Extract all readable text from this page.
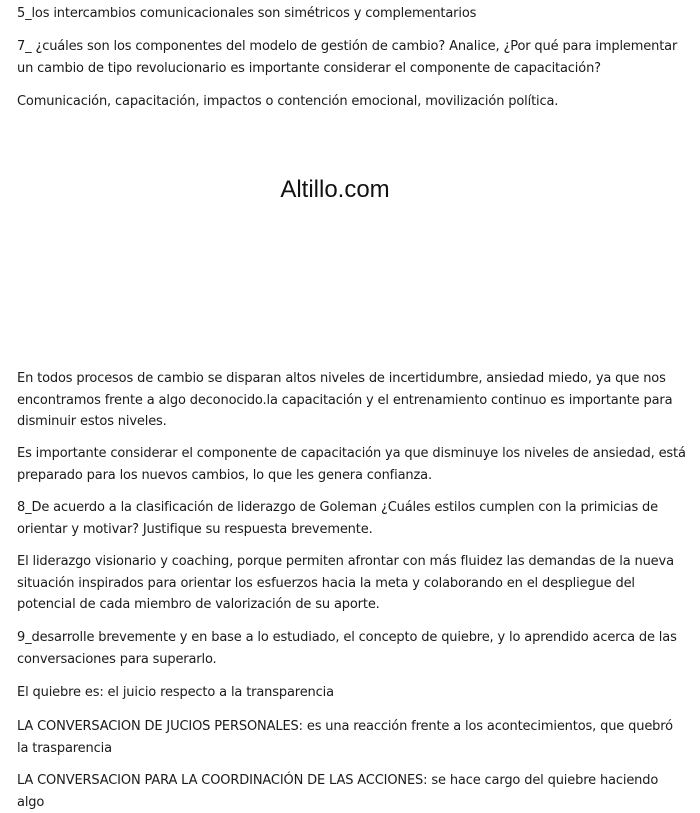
5_los intercambios comunicacionales son simétricos y complementarios

7_ ¿cuáles son los componentes del modelo de gestión de cambio? Analice, ¿Por qué para implementar un cambio de tipo revolucionario es importante considerar el componente de capacitación?

Comunicación, capacitación, impactos o contención emocional, movilización política.

Altillo.com

En todos procesos de cambio se disparan altos niveles de incertidumbre, ansiedad miedo, ya que nos encontramos frente a algo deconocido.la capacitación y el entrenamiento continuo es importante para disminuir estos niveles.

Es importante considerar el componente de capacitación ya que disminuye los niveles de ansiedad, está preparado para los nuevos cambios, lo que les genera confianza.

8_De acuerdo a la clasificación de liderazgo de Goleman ¿Cuáles estilos cumplen con la primicias de orientar y motivar? Justifique su respuesta brevemente.

El liderazgo visionario y coaching, porque permiten afrontar con más fluidez las demandas de la nueva situación inspirados para orientar los esfuerzos hacia la meta y colaborando en el despliegue del potencial de cada miembro de valorización de su aporte.

9_desarrolle brevemente y en base a lo estudiado, el concepto de quiebre, y lo aprendido acerca de las conversaciones para superarlo.

El quiebre es: el juicio respecto a la transparencia

LA CONVERSACION DE JUCIOS PERSONALES: es una reacción frente a los acontecimientos, que quebró la trasparencia

LA CONVERSACION PARA LA COORDINACIÓN DE LAS ACCIONES: se hace cargo del quiebre haciendo algo
